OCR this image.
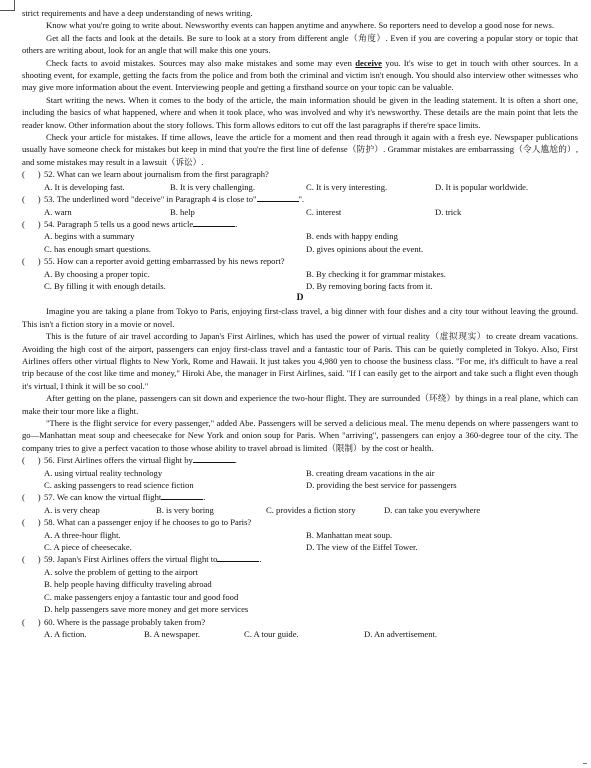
strict requirements and have a deep understanding of news writing.

Know what you're going to write about. Newsworthy events can happen anytime and anywhere. So reporters need to develop a good nose for news.

Get all the facts and look at the details. Be sure to look at a story from different angle（角度）. Even if you are covering a popular story or topic that others are writing about, look for an angle that will make this one yours.

Check facts to avoid mistakes. Sources may also make mistakes and some may even deceive you. It's wise to get in touch with other sources. In a shooting event, for example, getting the facts from the police and from both the criminal and victim isn't enough. You should also interview other witnesses who may give more information about the event. Interviewing people and getting a firsthand source on your topic can be valuable.

Start writing the news. When it comes to the body of the article, the main information should be given in the leading statement. It is often a short one, including the basics of what happened, where and when it took place, who was involved and why it's newsworthy. These details are the main point that lets the reader know. Other information about the story follows. This form allows editors to cut off the last paragraphs if there're space limits.

Check your article for mistakes. If time allows, leave the article for a moment and then read through it again with a fresh eye. Newspaper publications usually have someone check for mistakes but keep in mind that you're the first line of defense（防护）. Grammar mistakes are embarrassing（令人尴尬的）, and some mistakes may result in a lawsuit（诉讼）.

(      ) 52. What can we learn about journalism from the first paragraph?
A. It is developing fast.	B. It is very challenging.	C. It is very interesting.	D. It is popular worldwide.
(      ) 53. The underlined word "deceive" in Paragraph 4 is close to"	".
A. warn	B. help	C. interest	D. trick
(      ) 54. Paragraph 5 tells us a good news article	.
A. begins with a summary	B. ends with happy ending
C. has enough smart questions.	D. gives opinions about the event.
(      ) 55. How can a reporter avoid getting embarrassed by his news report?
A. By choosing a proper topic.	B. By checking it for grammar mistakes.
C. By filling it with enough details.	D. By removing boring facts from it.
D

Imagine you are taking a plane from Tokyo to Paris, enjoying first-class travel, a big dinner with four dishes and a city tour without leaving the ground. This isn't a fiction story in a movie or novel.

This is the future of air travel according to Japan's First Airlines, which has used the power of virtual reality（虚拟现实）to create dream vacations. Avoiding the high cost of the airport, passengers can enjoy first-class travel and a fantastic tour of Paris. This can be quietly completed in Tokyo. Also, First Airlines offers other virtual flights to New York, Rome and Hawaii. It just takes you 4,980 yen to choose the business class. "For me, it's difficult to have a real trip because of the cost like time and money," Hiroki Abe, the manager in First Airlines, said. "If I can easily get to the airport and take such a flight even though it's virtual, I think it will be so cool."

After getting on the plane, passengers can sit down and experience the two-hour flight. They are surrounded（环绕）by things in a real plane, which can make their tour more like a flight.

"There is the flight service for every passenger," added Abe. Passengers will be served a delicious meal. The menu depends on where passengers want to go—Manhattan meat soup and cheesecake for New York and onion soup for Paris. When "arriving", passengers can enjoy a 360-degree tour of the city. The company tries to give a perfect vacation to those whose ability to travel abroad is limited（限制）by the cost or health.

(      ) 56. First Airlines offers the virtual flight by	.
A. using virtual reality technology	B. creating dream vacations in the air
C. asking passengers to read science fiction	D. providing the best service for passengers
(      ) 57. We can know the virtual flight	.
A. is very cheap	B. is very boring	C. provides a fiction story	D. can take you everywhere
(      ) 58. What can a passenger enjoy if he chooses to go to Paris?
A. A three-hour flight.	B. Manhattan meat soup.
C. A piece of cheesecake.	D. The view of the Eiffel Tower.
(      ) 59. Japan's First Airlines offers the virtual flight to	.
A. solve the problem of getting to the airport
B. help people having difficulty traveling abroad
C. make passengers enjoy a fantastic tour and good food
D. help passengers save more money and get more services
(      ) 60. Where is the passage probably taken from?
A. A fiction.	B. A newspaper.	C. A tour guide.	D. An advertisement.
